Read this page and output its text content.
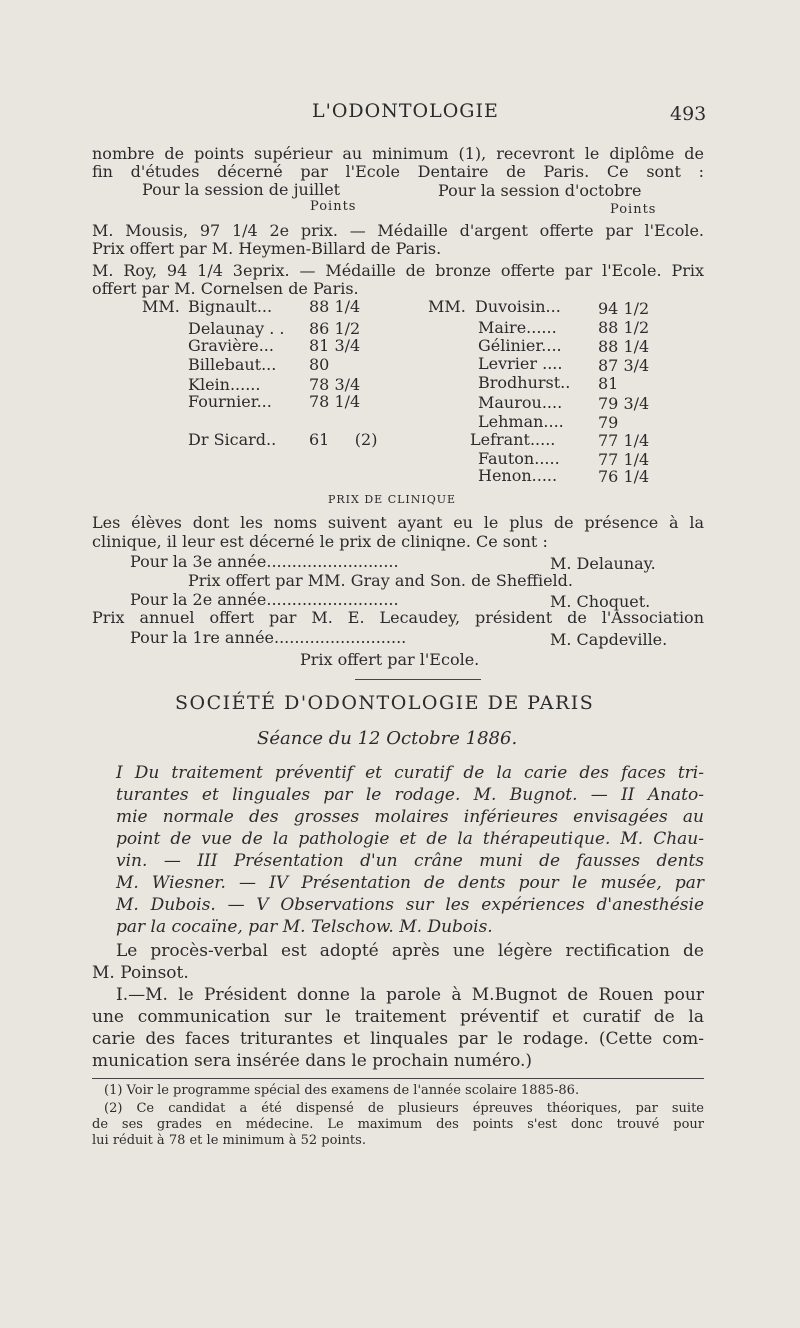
L'ODONTOLOGIE	493
nombre de points supérieur au minimum (1), recevront le diplôme de
fin d'études décerné par l'Ecole Dentaire de Paris. Ce sont :
Pour la session de juillet	Pour la session d'octobre
Points	Points
M. Mousis, 97 1/4 2e prix. — Médaille d'argent offerte par l'Ecole.
Prix offert par M. Heymen-Billard de Paris.
M. Roy, 94 1/4 3eprix. — Médaille de bronze offerte par l'Ecole. Prix
offert par M. Cornelsen de Paris.
MM. Bignault... 88 1/4
Delaunay . . 86 1/2
Gravière... 81 3/4
Billebaut... 80
Klein......	78 3/4
Fournier... 78 1/4
Dr Sicard.. 61     (2)
MM. Duvoisin... 94 1/2
Maire......	88 1/2
Gélinier.... 88 1/4
Levrier .... 87 3/4
Brodhurst.. 81
Maurou.... 79 3/4
Lehman.... 79
Lefrant.....	77 1/4
Fauton..... 77 1/4
Henon.....	76 1/4
PRIX DE CLINIQUE
Les élèves dont les noms suivent ayant eu le plus de présence à la
clinique, il leur est décerné le prix de cliniqne. Ce sont :
Pour la 3e année..........................	M. Delaunay.
Prix offert par MM. Gray and Son. de Sheffield.
Pour la 2e année..........................	M. Choquet.
Prix annuel offert par M. E. Lecaudey, président de l'Association
Pour la 1re année..........................	M. Capdeville.
Prix offert par l'Ecole.
SOCIÉTÉ D'ODONTOLOGIE DE PARIS
Séance du 12 Octobre 1886.
I Du traitement préventif et curatif de la carie des faces tri-
turantes et linguales par le rodage. M. Bugnot. — II Anato-
mie normale des grosses molaires inférieures envisagées au
point de vue de la pathologie et de la thérapeutique. M. Chau-
vin. — III Présentation d'un crâne muni de fausses dents
M. Wiesner. — IV Présentation de dents pour le musée, par
M. Dubois. — V Observations sur les expériences d'anesthésie
par la cocaïne, par M. Telschow. M. Dubois.
Le procès-verbal est adopté après une légère rectification de
M. Poinsot.
I.—M. le Président donne la parole à M.Bugnot de Rouen pour
une communication sur le traitement préventif et curatif de la
carie des faces triturantes et linquales par le rodage. (Cette com-
munication sera insérée dans le prochain numéro.)
(1) Voir le programme spécial des examens de l'année scolaire 1885-86.
(2) Ce candidat a été dispensé de plusieurs épreuves théoriques, par suite
de ses grades en médecine. Le maximum des points s'est donc trouvé pour
lui réduit à 78 et le minimum à 52 points.
